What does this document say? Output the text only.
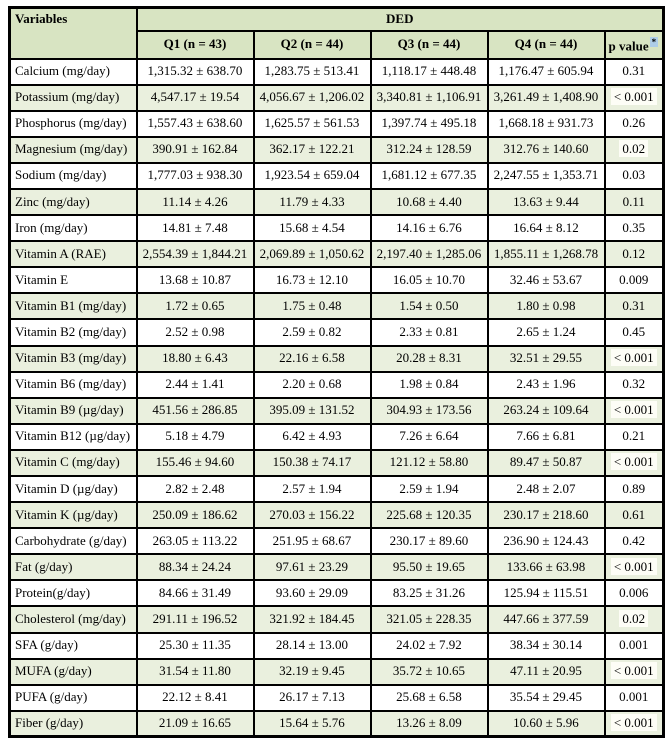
Variables	DED				
	Q1 (n = 43)	Q2 (n = 44)	Q3 (n = 44)	Q4 (n = 44)	p value *
Calcium (mg/day)	1,315.32 ± 638.70	1,283.75 ± 513.41	1,118.17 ± 448.48	1,176.47 ± 605.94	0.31
Potassium (mg/day)	4,547.17 ± 19.54	4,056.67 ± 1,206.02	3,340.81 ± 1,106.91	3,261.49 ± 1,408.90	< 0.001
Phosphorus (mg/day)	1,557.43 ± 638.60	1,625.57 ± 561.53	1,397.74 ± 495.18	1,668.18 ± 931.73	0.26
Magnesium (mg/day)	390.91 ± 162.84	362.17 ± 122.21	312.24 ± 128.59	312.76 ± 140.60	0.02
Sodium (mg/day)	1,777.03 ± 938.30	1,923.54 ± 659.04	1,681.12 ± 677.35	2,247.55 ± 1,353.71	0.03
Zinc (mg/day)	11.14 ± 4.26	11.79 ± 4.33	10.68 ± 4.40	13.63 ± 9.44	0.11
Iron (mg/day)	14.81 ± 7.48	15.68 ± 4.54	14.16 ± 6.76	16.64 ± 8.12	0.35
Vitamin A (RAE)	2,554.39 ± 1,844.21	2,069.89 ± 1,050.62	2,197.40 ± 1,285.06	1,855.11 ± 1,268.78	0.12
Vitamin E	13.68 ± 10.87	16.73 ± 12.10	16.05 ± 10.70	32.46 ± 53.67	0.009
Vitamin B1 (mg/day)	1.72 ± 0.65	1.75 ± 0.48	1.54 ± 0.50	1.80 ± 0.98	0.31
Vitamin B2 (mg/day)	2.52 ± 0.98	2.59 ± 0.82	2.33 ± 0.81	2.65 ± 1.24	0.45
Vitamin B3 (mg/day)	18.80 ± 6.43	22.16 ± 6.58	20.28 ± 8.31	32.51 ± 29.55	< 0.001
Vitamin B6 (mg/day)	2.44 ± 1.41	2.20 ± 0.68	1.98 ± 0.84	2.43 ± 1.96	0.32
Vitamin B9 (µg/day)	451.56 ± 286.85	395.09 ± 131.52	304.93 ± 173.56	263.24 ± 109.64	< 0.001
Vitamin B12 (µg/day)	5.18 ± 4.79	6.42 ± 4.93	7.26 ± 6.64	7.66 ± 6.81	0.21
Vitamin C (mg/day)	155.46 ± 94.60	150.38 ± 74.17	121.12 ± 58.80	89.47 ± 50.87	< 0.001
Vitamin D (µg/day)	2.82 ± 2.48	2.57 ± 1.94	2.59 ± 1.94	2.48 ± 2.07	0.89
Vitamin K (µg/day)	250.09 ± 186.62	270.03 ± 156.22	225.68 ± 120.35	230.17 ± 218.60	0.61
Carbohydrate (g/day)	263.05 ± 113.22	251.95 ± 68.67	230.17 ± 89.60	236.90 ± 124.43	0.42
Fat (g/day)	88.34 ± 24.24	97.61 ± 23.29	95.50 ± 19.65	133.66 ± 63.98	< 0.001
Protein(g/day)	84.66 ± 31.49	93.60 ± 29.09	83.25 ± 31.26	125.94 ± 115.51	0.006
Cholesterol (mg/day)	291.11 ± 196.52	321.92 ± 184.45	321.05 ± 228.35	447.66 ± 377.59	0.02
SFA (g/day)	25.30 ± 11.35	28.14 ± 13.00	24.02 ± 7.92	38.34 ± 30.14	0.001
MUFA (g/day)	31.54 ± 11.80	32.19 ± 9.45	35.72 ± 10.65	47.11 ± 20.95	< 0.001
PUFA (g/day)	22.12 ± 8.41	26.17 ± 7.13	25.68 ± 6.58	35.54 ± 29.45	0.001
Fiber (g/day)	21.09 ± 16.65	15.64 ± 5.76	13.26 ± 8.09	10.60 ± 5.96	< 0.001
